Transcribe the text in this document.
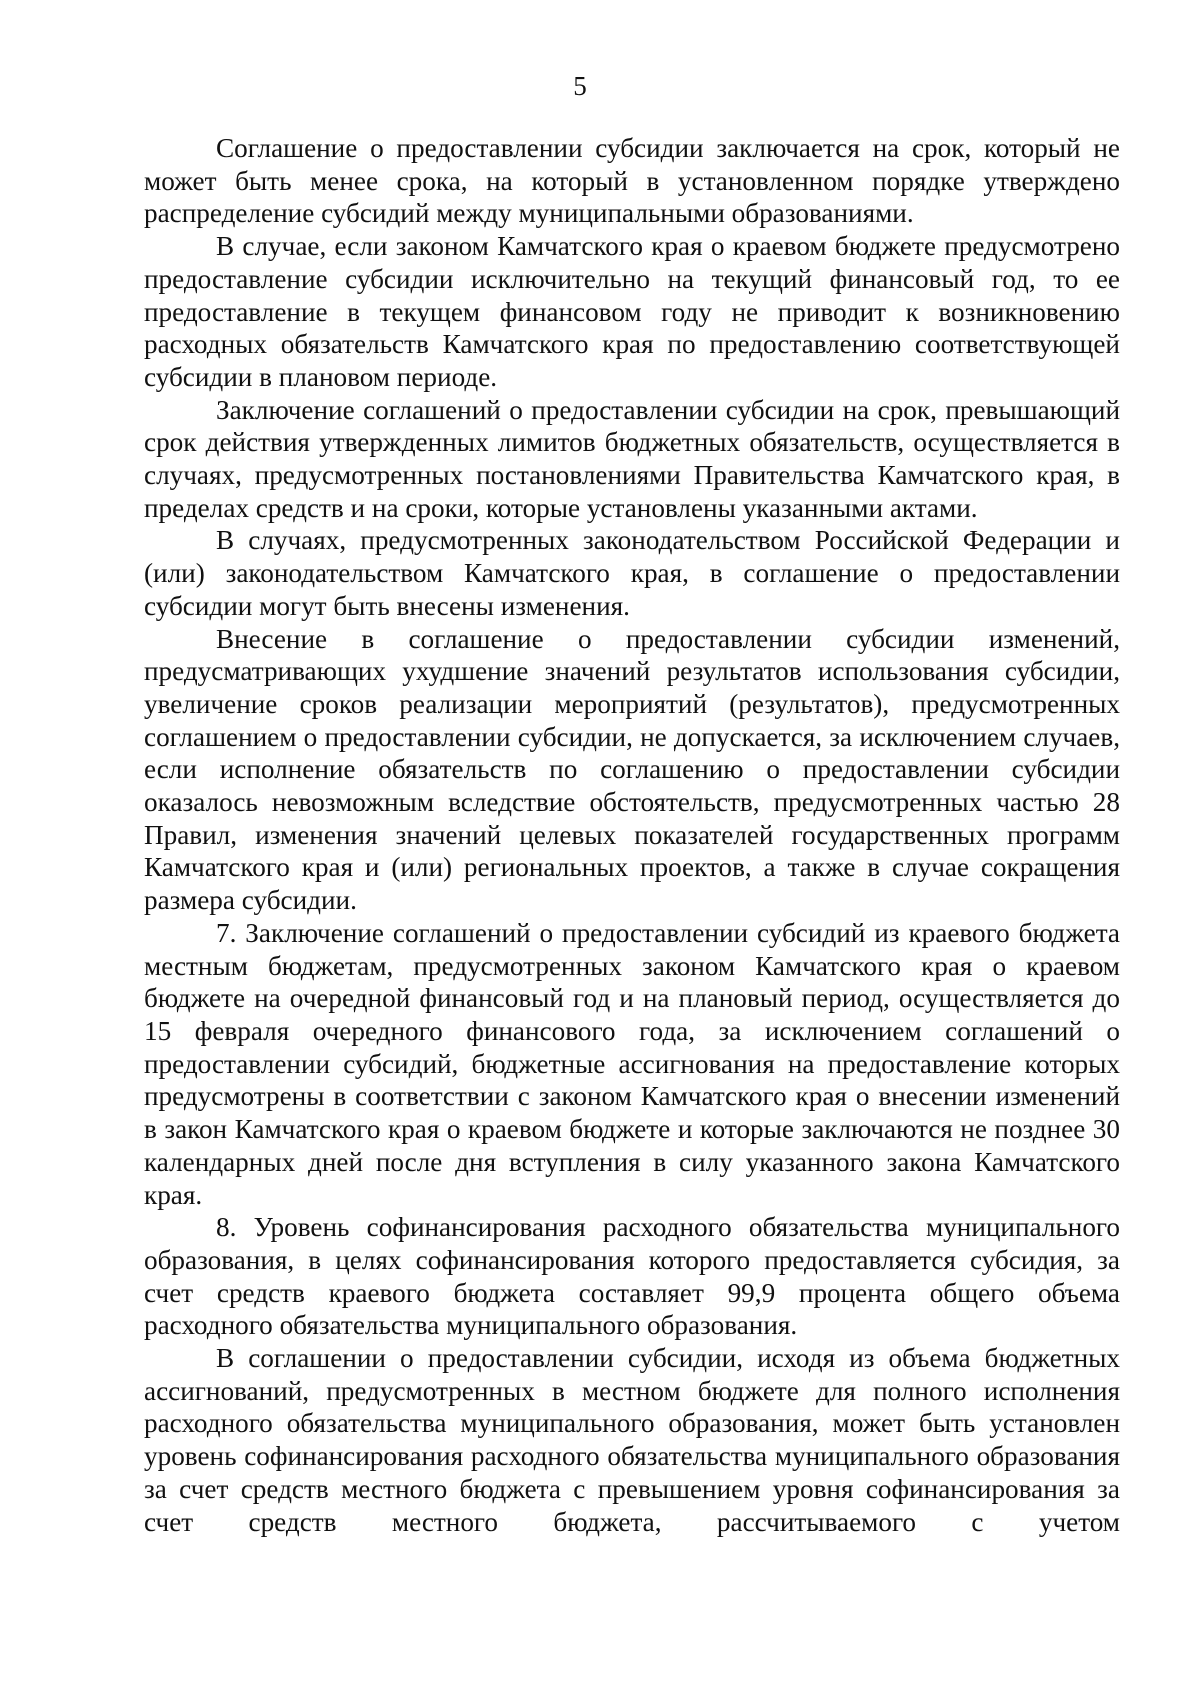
5

Соглашение о предоставлении субсидии заключается на срок, который не может быть менее срока, на который в установленном порядке утверждено распределение субсидий между муниципальными образованиями.

В случае, если законом Камчатского края о краевом бюджете предусмотрено предоставление субсидии исключительно на текущий финансовый год, то ее предоставление в текущем финансовом году не приводит к возникновению расходных обязательств Камчатского края по предоставлению соответствующей субсидии в плановом периоде.

Заключение соглашений о предоставлении субсидии на срок, превышающий срок действия утвержденных лимитов бюджетных обязательств, осуществляется в случаях, предусмотренных постановлениями Правительства Камчатского края, в пределах средств и на сроки, которые установлены указанными актами.

В случаях, предусмотренных законодательством Российской Федерации и (или) законодательством Камчатского края, в соглашение о предоставлении субсидии могут быть внесены изменения.

Внесение в соглашение о предоставлении субсидии изменений, предусматривающих ухудшение значений результатов использования субсидии, увеличение сроков реализации мероприятий (результатов), предусмотренных соглашением о предоставлении субсидии, не допускается, за исключением случаев, если исполнение обязательств по соглашению о предоставлении субсидии оказалось невозможным вследствие обстоятельств, предусмотренных частью 28 Правил, изменения значений целевых показателей государственных программ Камчатского края и (или) региональных проектов, а также в случае сокращения размера субсидии.

7. Заключение соглашений о предоставлении субсидий из краевого бюджета местным бюджетам, предусмотренных законом Камчатского края о краевом бюджете на очередной финансовый год и на плановый период, осуществляется до 15 февраля очередного финансового года, за исключением соглашений о предоставлении субсидий, бюджетные ассигнования на предоставление которых предусмотрены в соответствии с законом Камчатского края о внесении изменений в закон Камчатского края о краевом бюджете и которые заключаются не позднее 30 календарных дней после дня вступления в силу указанного закона Камчатского края.

8. Уровень софинансирования расходного обязательства муниципального образования, в целях софинансирования которого предоставляется субсидия, за счет средств краевого бюджета составляет 99,9 процента общего объема расходного обязательства муниципального образования.

В соглашении о предоставлении субсидии, исходя из объема бюджетных ассигнований, предусмотренных в местном бюджете для полного исполнения расходного обязательства муниципального образования, может быть установлен уровень софинансирования расходного обязательства муниципального образования за счет средств местного бюджета с превышением уровня софинансирования за счет средств местного бюджета, рассчитываемого с учетом
